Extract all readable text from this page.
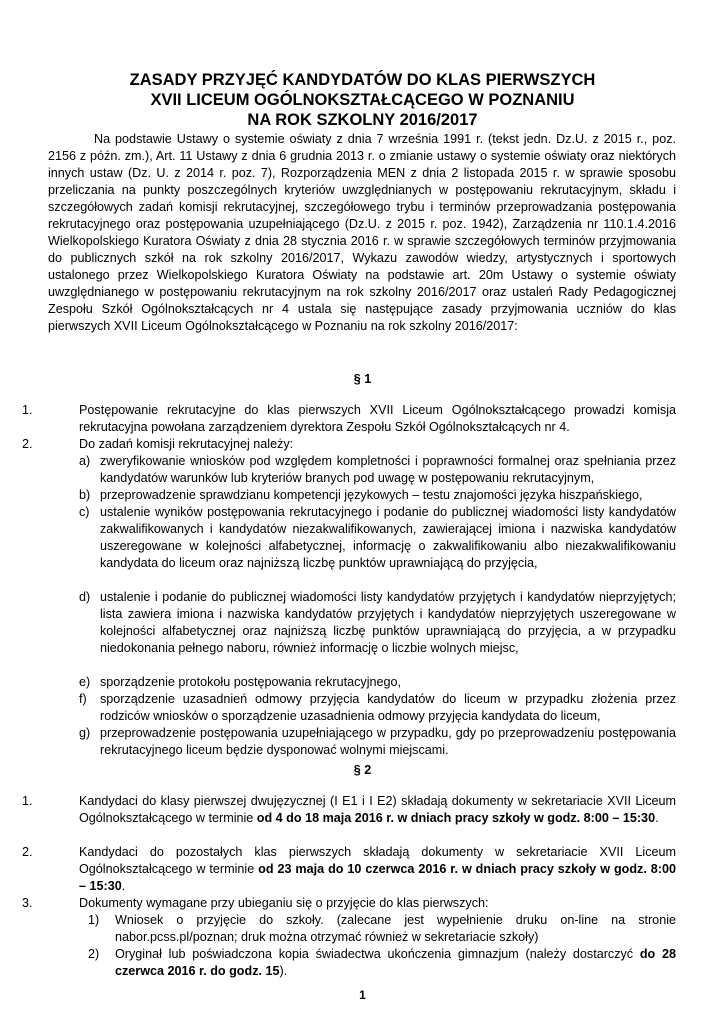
ZASADY PRZYJĘĆ KANDYDATÓW DO KLAS PIERWSZYCH
XVII LICEUM OGÓLNOKSZTAŁCĄCEGO W POZNANIU
NA ROK SZKOLNY 2016/2017
Na podstawie Ustawy o systemie oświaty z dnia 7 września 1991 r. (tekst jedn. Dz.U. z 2015 r., poz. 2156 z późn. zm.), Art. 11 Ustawy z dnia 6 grudnia 2013 r. o zmianie ustawy o systemie oświaty oraz niektórych innych ustaw (Dz. U. z 2014 r. poz. 7), Rozporządzenia MEN z dnia 2 listopada 2015 r. w sprawie sposobu przeliczania na punkty poszczególnych kryteriów uwzględnianych w postępowaniu rekrutacyjnym, składu i szczegółowych zadań komisji rekrutacyjnej, szczegółowego trybu i terminów przeprowadzania postępowania rekrutacyjnego oraz postępowania uzupełniającego (Dz.U. z 2015 r. poz. 1942), Zarządzenia nr 110.1.4.2016 Wielkopolskiego Kuratora Oświaty z dnia 28 stycznia 2016 r. w sprawie szczegółowych terminów przyjmowania do publicznych szkół na rok szkolny 2016/2017, Wykazu zawodów wiedzy, artystycznych i sportowych ustalonego przez Wielkopolskiego Kuratora Oświaty na podstawie art. 20m Ustawy o systemie oświaty uwzględnianego w postępowaniu rekrutacyjnym na rok szkolny 2016/2017 oraz ustaleń Rady Pedagogicznej Zespołu Szkół Ogólnokształcących nr 4 ustala się następujące zasady przyjmowania uczniów do klas pierwszych XVII Liceum Ogólnokształcącego w Poznaniu na rok szkolny 2016/2017:
§ 1
1.	Postępowanie rekrutacyjne do klas pierwszych XVII Liceum Ogólnokształcącego prowadzi komisja rekrutacyjna powołana zarządzeniem dyrektora Zespołu Szkół Ogólnokształcących nr 4.
2.	Do zadań komisji rekrutacyjnej należy:
a) zweryfikowanie wniosków pod względem kompletności i poprawności formalnej oraz spełniania przez kandydatów warunków lub kryteriów branych pod uwagę w postępowaniu rekrutacyjnym,
b) przeprowadzenie sprawdzianu kompetencji językowych – testu znajomości języka hiszpańskiego,
c) ustalenie wyników postępowania rekrutacyjnego i podanie do publicznej wiadomości listy kandydatów zakwalifikowanych i kandydatów niezakwalifikowanych, zawierającej imiona i nazwiska kandydatów uszeregowane w kolejności alfabetycznej, informację o zakwalifikowaniu albo niezakwalifikowaniu kandydata do liceum oraz najniższą liczbę punktów uprawniającą do przyjęcia,
d) ustalenie i podanie do publicznej wiadomości listy kandydatów przyjętych i kandydatów nieprzyjętych; lista zawiera imiona i nazwiska kandydatów przyjętych i kandydatów nieprzyjętych uszeregowane w kolejności alfabetycznej oraz najniższą liczbę punktów uprawniającą do przyjęcia, a w przypadku niedokonania pełnego naboru, również informację o liczbie wolnych miejsc,
e) sporządzenie protokołu postępowania rekrutacyjnego,
f) sporządzenie uzasadnień odmowy przyjęcia kandydatów do liceum w przypadku złożenia przez rodziców wniosków o sporządzenie uzasadnienia odmowy przyjęcia kandydata do liceum,
g) przeprowadzenie postępowania uzupełniającego w przypadku, gdy po przeprowadzeniu postępowania rekrutacyjnego liceum będzie dysponować wolnymi miejscami.
§ 2
1.	Kandydaci do klasy pierwszej dwujęzycznej (I E1 i I E2) składają dokumenty w sekretariacie XVII Liceum Ogólnokształcącego w terminie od 4 do 18 maja 2016 r. w dniach pracy szkoły w godz. 8:00 – 15:30.
2.	Kandydaci do pozostałych klas pierwszych składają dokumenty w sekretariacie XVII Liceum Ogólnokształcącego w terminie od 23 maja do 10 czerwca 2016 r. w dniach pracy szkoły w godz. 8:00 – 15:30.
3.	Dokumenty wymagane przy ubieganiu się o przyjęcie do klas pierwszych:
1) Wniosek o przyjęcie do szkoły. (zalecane jest wypełnienie druku on-line na stronie nabor.pcss.pl/poznan; druk można otrzymać również w sekretariacie szkoły)
2) Oryginał lub poświadczona kopia świadectwa ukończenia gimnazjum (należy dostarczyć do 28 czerwca 2016 r. do godz. 15).
1
